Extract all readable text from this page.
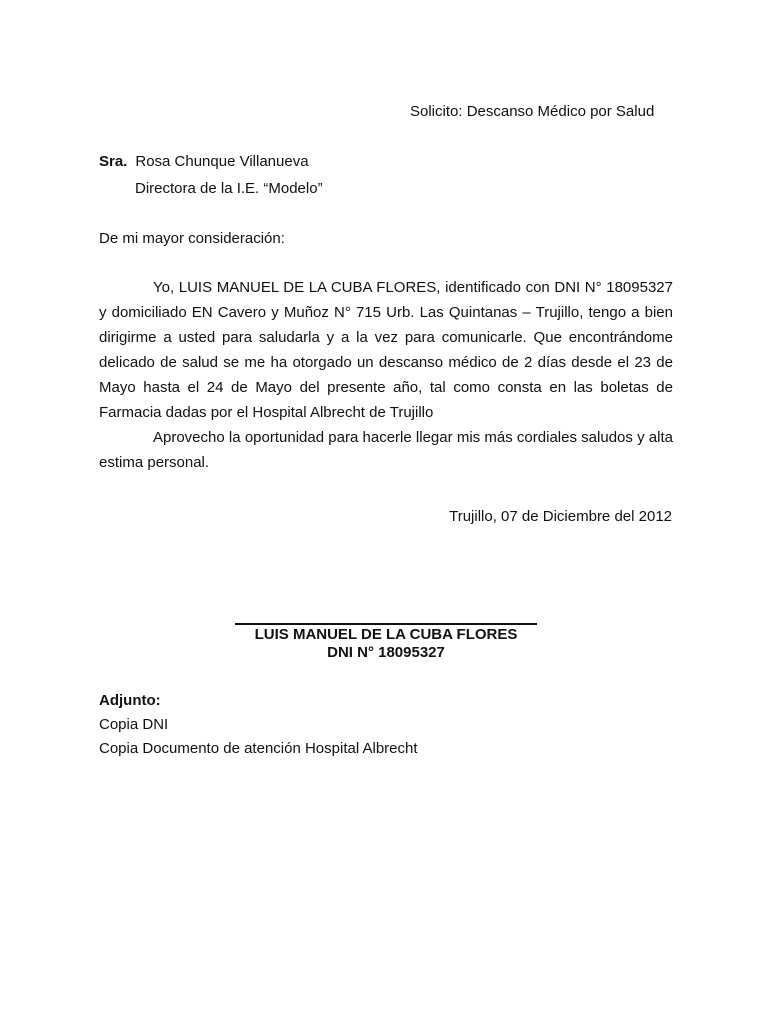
Solicito: Descanso Médico por Salud
Sra. Rosa Chunque Villanueva
Directora de la I.E. “Modelo”
De mi mayor consideración:

Yo, LUIS MANUEL DE LA CUBA FLORES, identificado con DNI N° 18095327 y domiciliado EN Cavero y Muñoz N° 715 Urb. Las Quintanas – Trujillo, tengo a bien dirigirme a usted para saludarla y a la vez para comunicarle. Que encontrándome delicado de salud se me ha otorgado un descanso médico de 2 días desde el 23 de Mayo hasta el 24 de Mayo del presente año, tal como consta en las boletas de Farmacia dadas por el Hospital Albrecht de Trujillo

Aprovecho la oportunidad para hacerle llegar mis más cordiales saludos y alta estima personal.

Trujillo, 07 de Diciembre del 2012
LUIS MANUEL DE LA CUBA FLORES
DNI N° 18095327
Adjunto:
Copia DNI
Copia Documento de atención Hospital Albrecht
